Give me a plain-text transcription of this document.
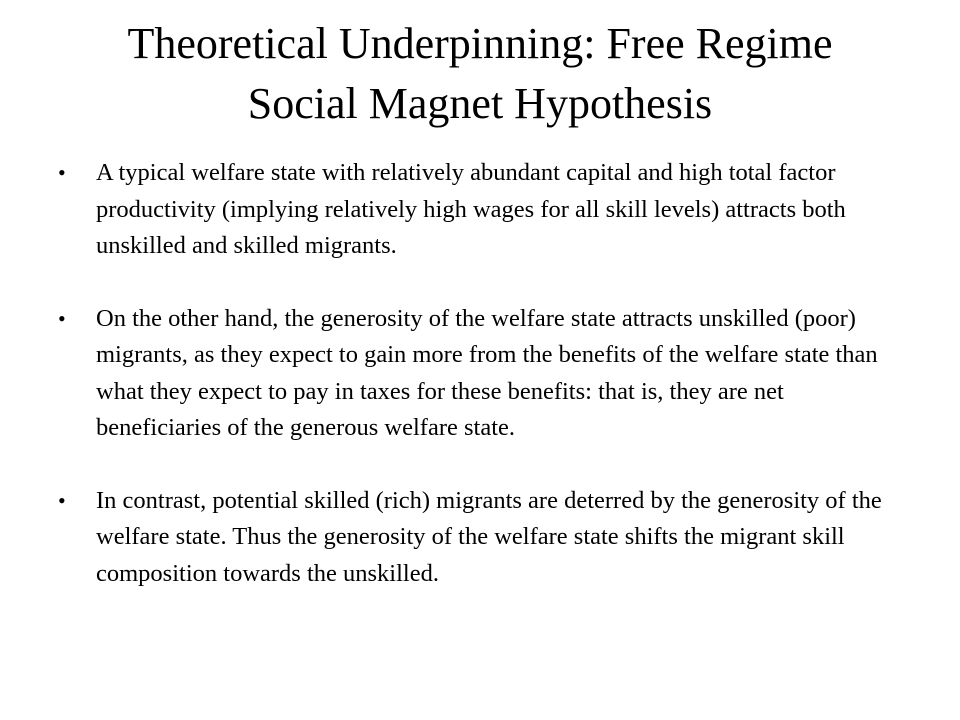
Theoretical Underpinning: Free Regime
Social Magnet Hypothesis
•	A typical welfare state with relatively abundant capital and high total factor productivity (implying relatively high wages for all skill levels) attracts both unskilled and skilled migrants.
•	On the other hand, the generosity of the welfare state attracts unskilled (poor) migrants, as they expect to gain more from the benefits of the welfare state than what they expect to pay in taxes for these benefits: that is, they are net beneficiaries of the generous welfare state.
•	In contrast, potential skilled (rich) migrants are deterred by the generosity of the welfare state. Thus the generosity of the welfare state shifts the migrant skill composition towards the unskilled.
